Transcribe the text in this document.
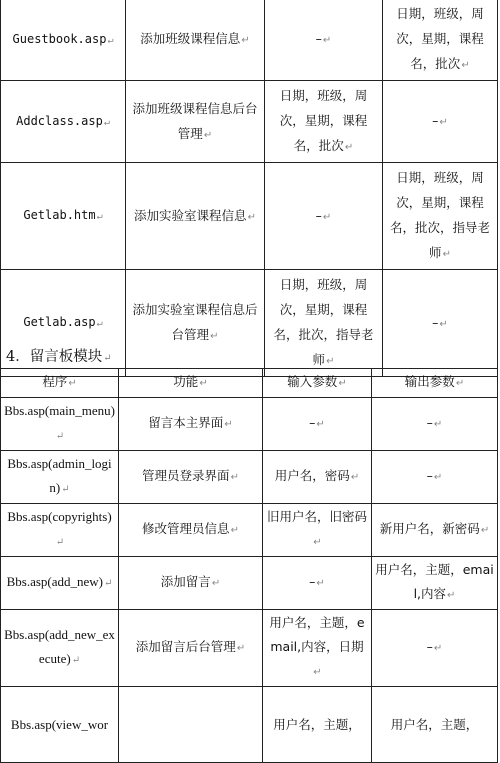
Guestbook.asp↵	添加班级课程信息↵	–↵	日期，班级，周次，星期，课程名，批次↵
Addclass.asp↵	添加班级课程信息后台管理↵	日期，班级，周次，星期，课程名，批次↵	–↵
Getlab.htm↵	添加实验室课程信息↵	–↵	日期，班级，周次，星期，课程名，批次，指导老师↵
Getlab.asp↵	添加实验室课程信息后台管理↵	日期，班级，周次，星期，课程名，批次，指导老师↵	–↵
4．留言板模块↵
程序↵	功能↵	输入参数↵	输出参数↵
Bbs.asp(main_menu)↵	留言本主界面↵	–↵	–↵
Bbs.asp(admin_login)↵	管理员登录界面↵	用户名，密码↵	–↵
Bbs.asp(copyrights)↵	修改管理员信息↵	旧用户名，旧密码↵	新用户名，新密码↵
Bbs.asp(add_new)↵	添加留言↵	–↵	用户名，主题，email,内容↵
Bbs.asp(add_new_execute)↵	添加留言后台管理↵	用户名，主题，email,内容，日期↵	–↵
Bbs.asp(view_wor		用户名，主题，	用户名，主题，
